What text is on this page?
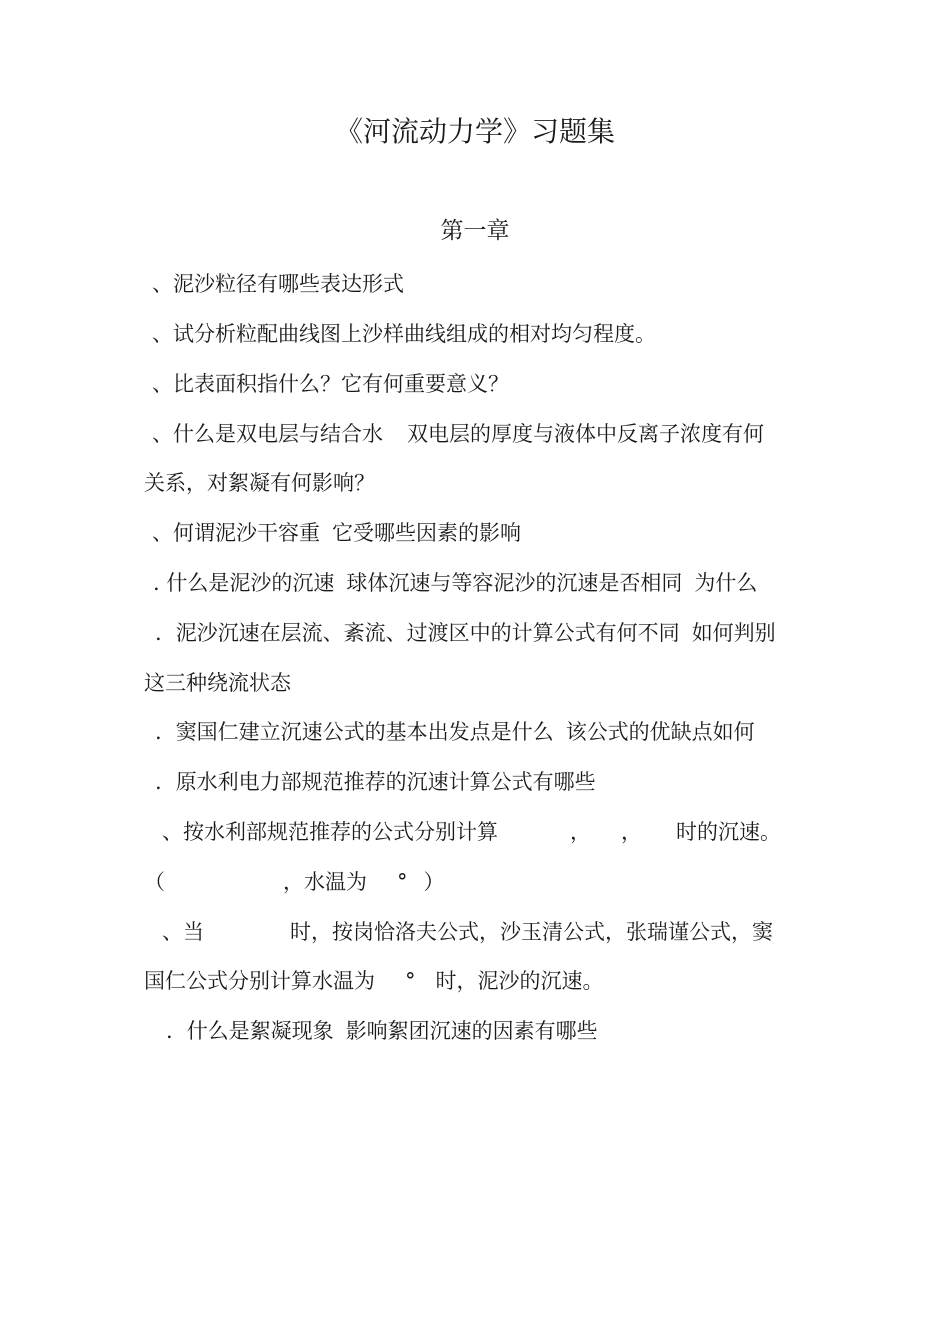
《河流动力学》习题集
第一章
、泥沙粒径有哪些表达形式
、试分析粒配曲线图上沙样曲线组成的相对均匀程度。
、比表面积指什么？它有何重要意义？
、什么是双电层与结合水 双电层的厚度与液体中反离子浓度有何
关系，对絮凝有何影响？
、何谓泥沙干容重 它受哪些因素的影响
. 什么是泥沙的沉速 球体沉速与等容泥沙的沉速是否相同 为什么
. 泥沙沉速在层流、紊流、过渡区中的计算公式有何不同 如何判别
这三种绕流状态
. 窦国仁建立沉速公式的基本出发点是什么 该公式的优缺点如何
. 原水利电力部规范推荐的沉速计算公式有哪些
、按水利部规范推荐的公式分别计算	， ， 时的沉速。
（	，水温为 ° ）
、当	时，按岗恰洛夫公式，沙玉清公式，张瑞谨公式，窦
国仁公式分别计算水温为 ° 时，泥沙的沉速。
. 什么是絮凝现象 影响絮团沉速的因素有哪些
